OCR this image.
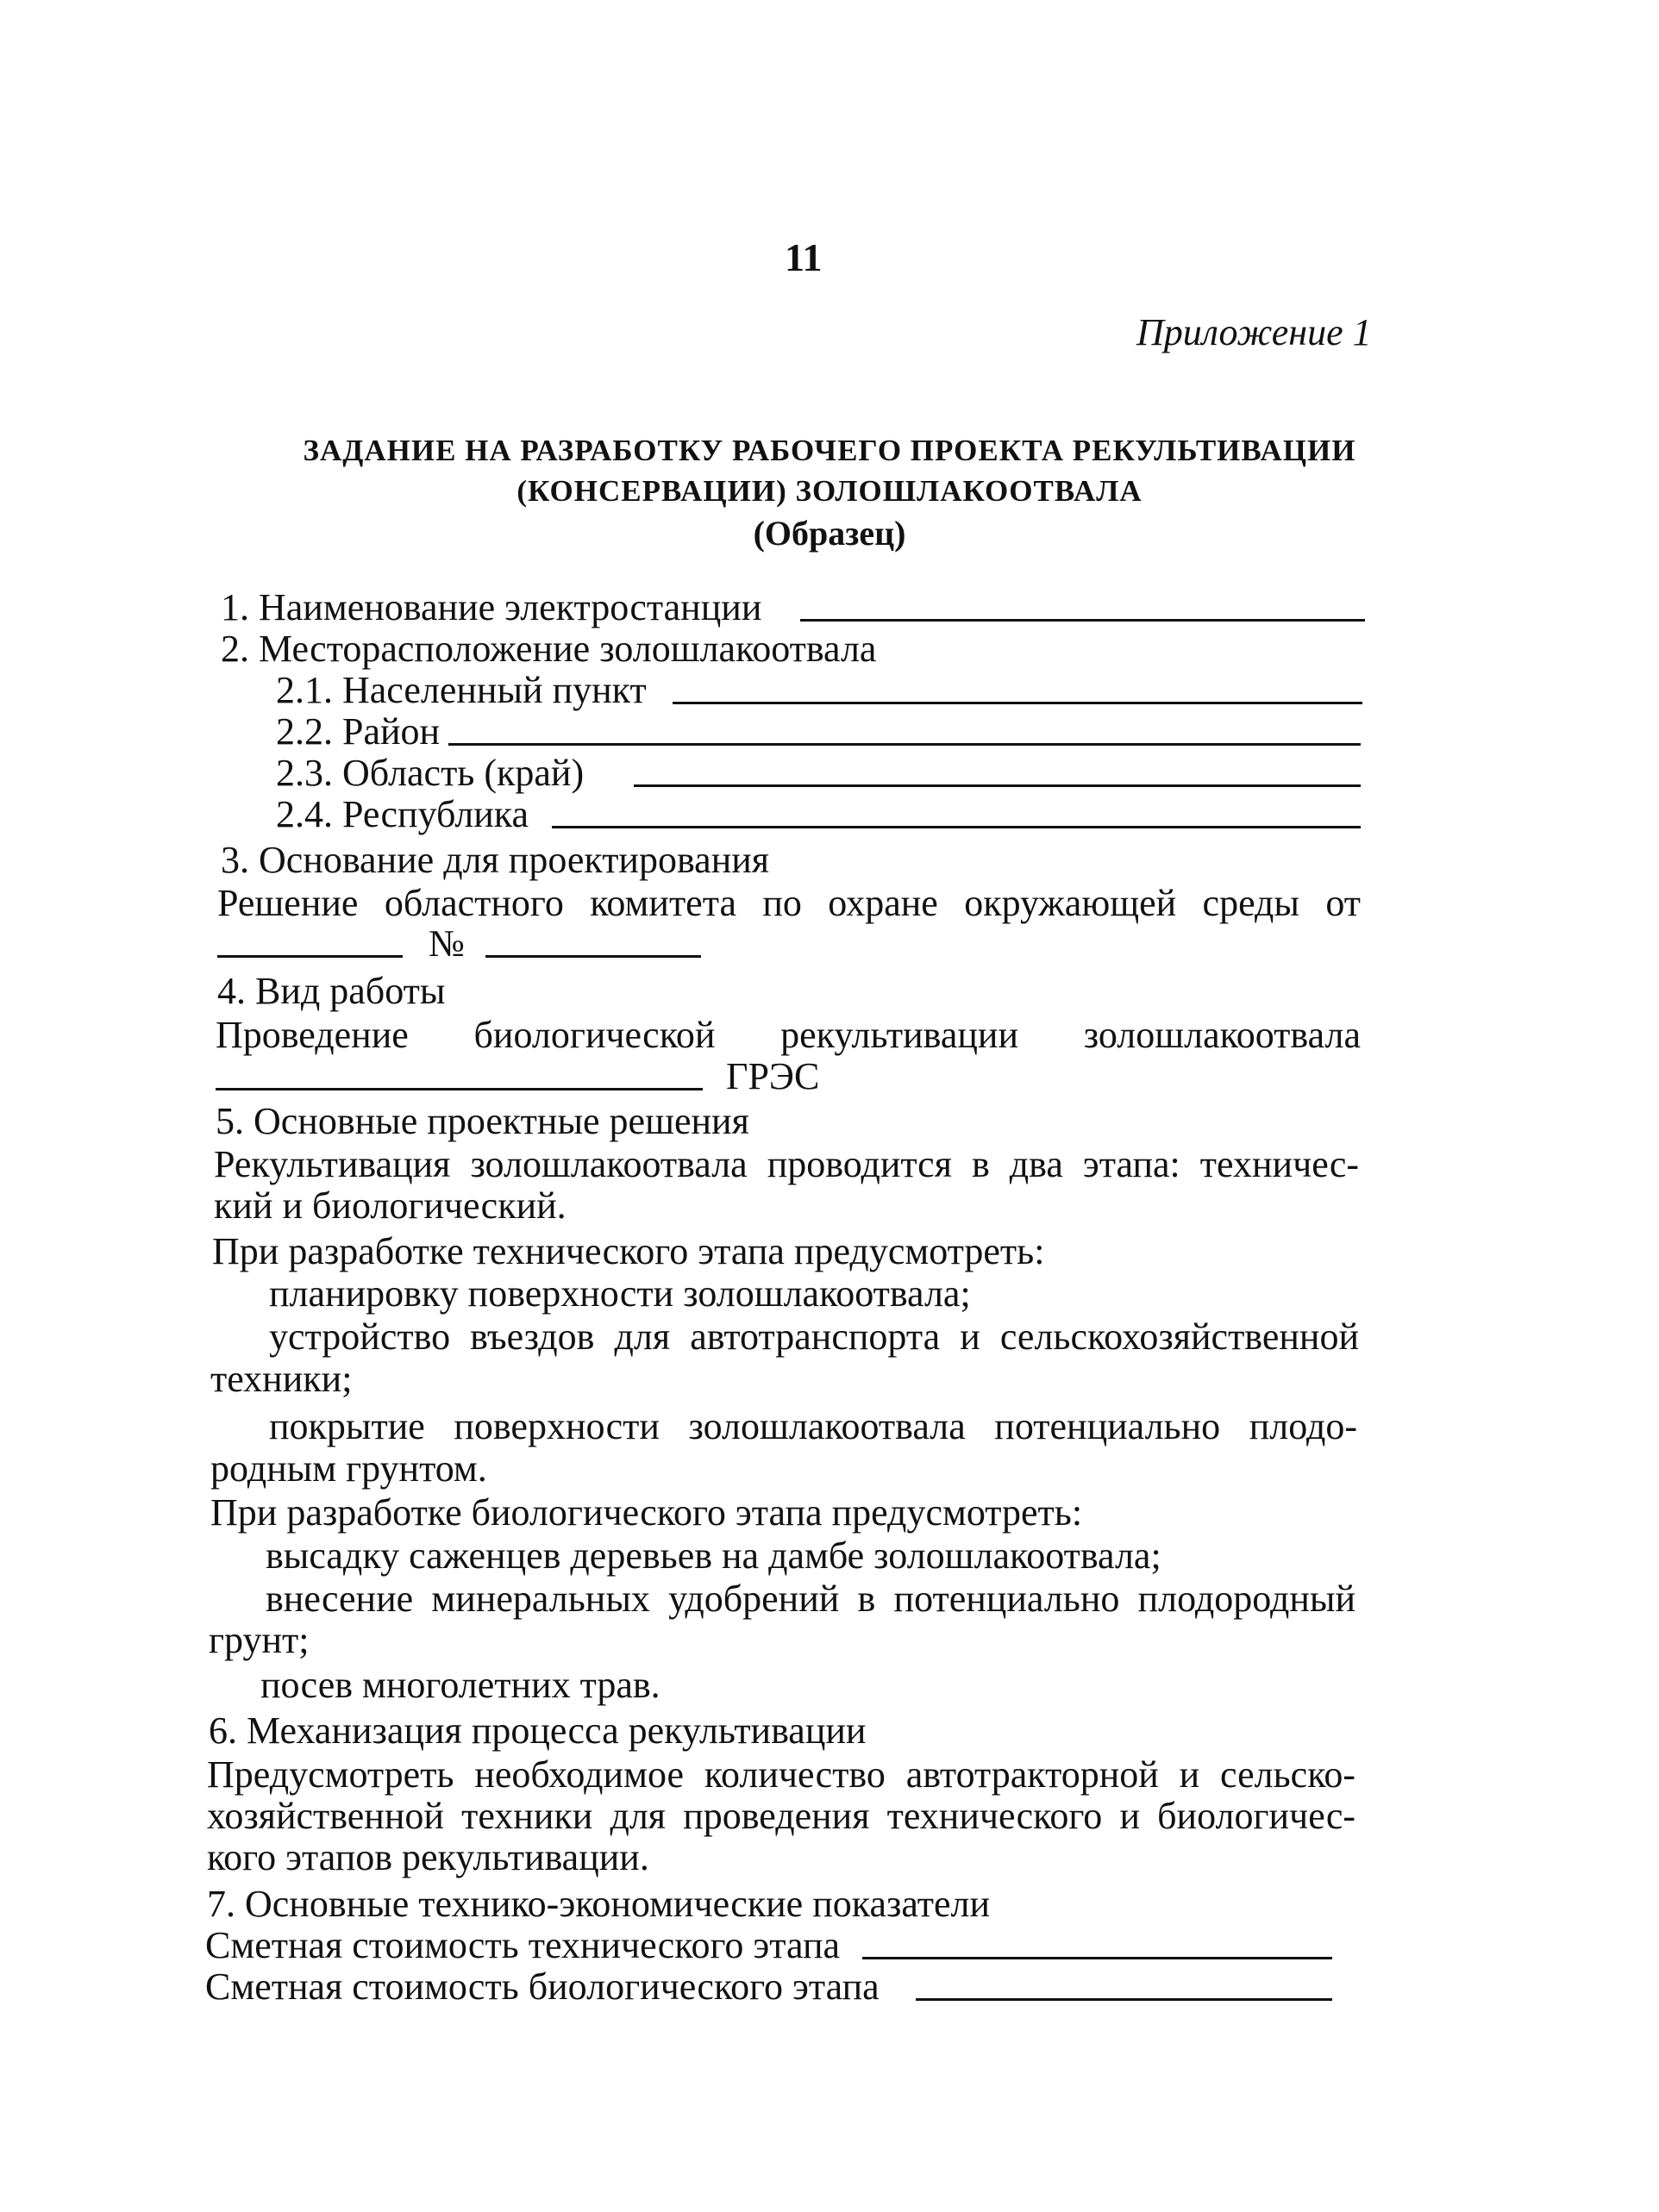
11
Приложение 1
ЗАДАНИЕ НА РАЗРАБОТКУ РАБОЧЕГО ПРОЕКТА РЕКУЛЬТИВАЦИИ
(КОНСЕРВАЦИИ) ЗОЛОШЛАКООТВАЛА
(Образец)
1. Наименование электростанции
2. Месторасположение золошлакоотвала
2.1. Населенный пункт
2.2. Район
2.3. Область (край)
2.4. Республика
3. Основание для проектирования
Решение областного комитета по охране окружающей среды от
№
4. Вид работы
Проведение биологической рекультивации золошлакоотвала
ГРЭС
5. Основные проектные решения
Рекультивация золошлакоотвала проводится в два этапа: техничес-
кий и биологический.
При разработке технического этапа предусмотреть:
планировку поверхности золошлакоотвала;
устройство въездов для автотранспорта и сельскохозяйственной
техники;
покрытие поверхности золошлакоотвала потенциально плодо-
родным грунтом.
При разработке биологического этапа предусмотреть:
высадку саженцев деревьев на дамбе золошлакоотвала;
внесение минеральных удобрений в потенциально плодородный
грунт;
посев многолетних трав.
6. Механизация процесса рекультивации
Предусмотреть необходимое количество автотракторной и сельско-
хозяйственной техники для проведения технического и биологичес-
кого этапов рекультивации.
7. Основные технико-экономические показатели
Сметная стоимость технического этапа
Сметная стоимость биологического этапа
